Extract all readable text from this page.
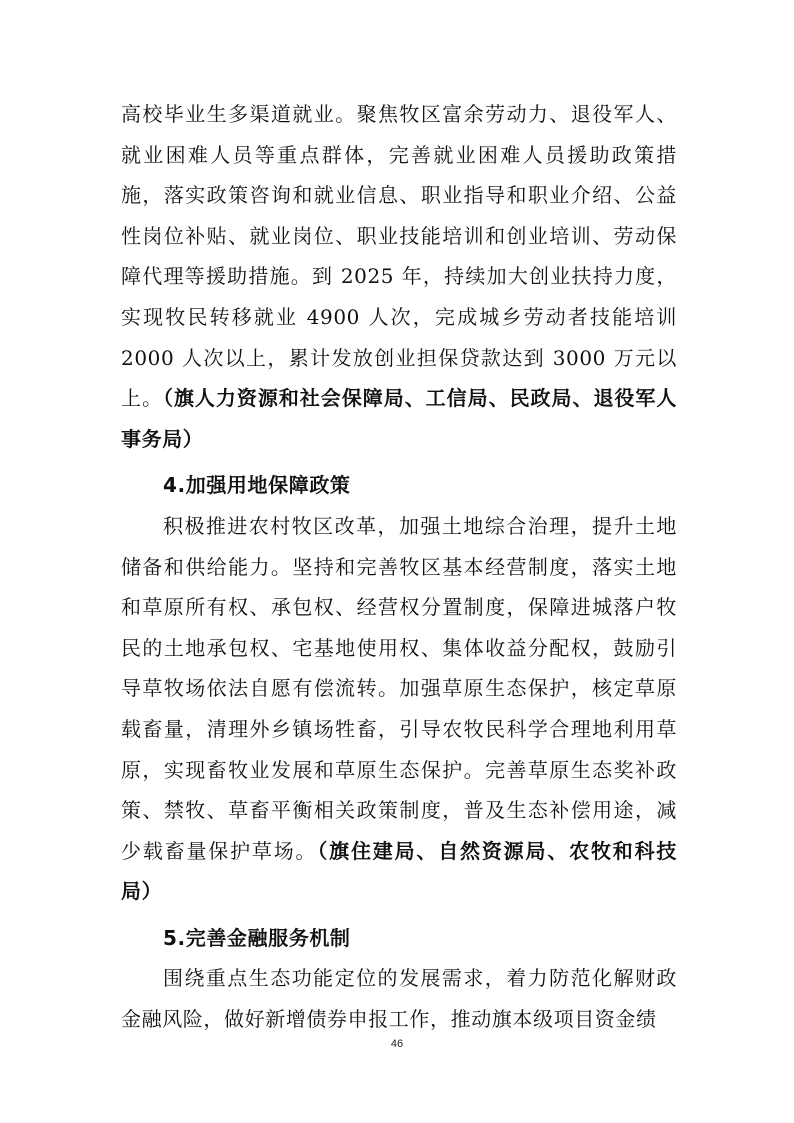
高校毕业生多渠道就业。聚焦牧区富余劳动力、退役军人、就业困难人员等重点群体，完善就业困难人员援助政策措施，落实政策咨询和就业信息、职业指导和职业介绍、公益性岗位补贴、就业岗位、职业技能培训和创业培训、劳动保障代理等援助措施。到 2025 年，持续加大创业扶持力度，实现牧民转移就业 4900 人次，完成城乡劳动者技能培训 2000 人次以上，累计发放创业担保贷款达到 3000 万元以上。（旗人力资源和社会保障局、工信局、民政局、退役军人事务局）

4.加强用地保障政策

积极推进农村牧区改革，加强土地综合治理，提升土地储备和供给能力。坚持和完善牧区基本经营制度，落实土地和草原所有权、承包权、经营权分置制度，保障进城落户牧民的土地承包权、宅基地使用权、集体收益分配权，鼓励引导草牧场依法自愿有偿流转。加强草原生态保护，核定草原载畜量，清理外乡镇场牲畜，引导农牧民科学合理地利用草原，实现畜牧业发展和草原生态保护。完善草原生态奖补政策、禁牧、草畜平衡相关政策制度，普及生态补偿用途，减少载畜量保护草场。（旗住建局、自然资源局、农牧和科技局）

5.完善金融服务机制

围绕重点生态功能定位的发展需求，着力防范化解财政金融风险，做好新增债券申报工作，推动旗本级项目资金绩

46
